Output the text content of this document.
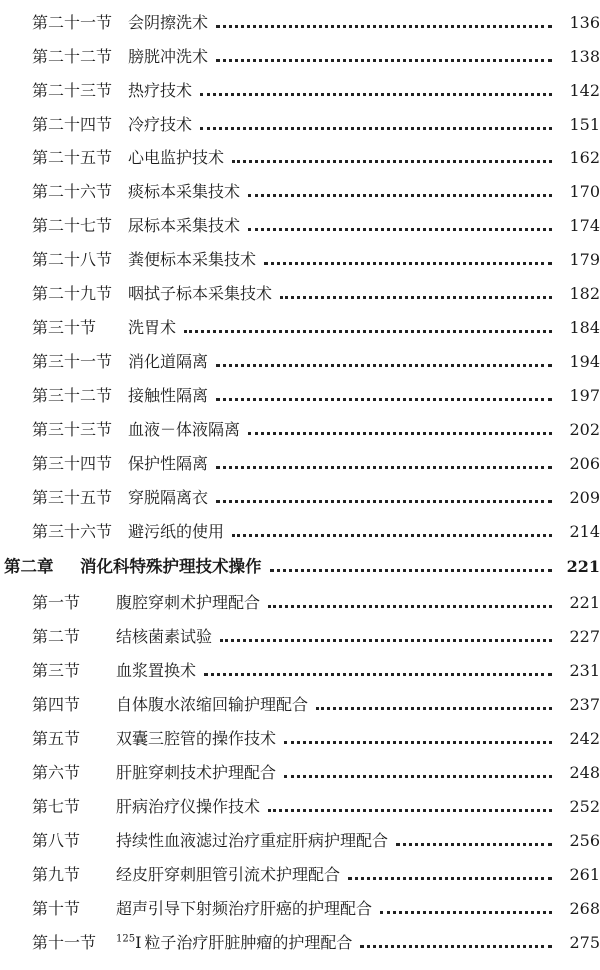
第二十一节 会阴擦洗术	136
第二十二节 膀胱冲洗术	138
第二十三节 热疗技术	142
第二十四节 冷疗技术	151
第二十五节 心电监护技术	162
第二十六节 痰标本采集技术	170
第二十七节 尿标本采集技术	174
第二十八节 粪便标本采集技术	179
第二十九节 咽拭子标本采集技术	182
第三十节	洗胃术	184
第三十一节 消化道隔离	194
第三十二节 接触性隔离	197
第三十三节 血液－体液隔离	202
第三十四节 保护性隔离	206
第三十五节 穿脱隔离衣	209
第三十六节 避污纸的使用	214
第二章	消化科特殊护理技术操作	221
第一节	腹腔穿刺术护理配合	221
第二节	结核菌素试验	227
第三节	血浆置换术	231
第四节	自体腹水浓缩回输护理配合	237
第五节	双囊三腔管的操作技术	242
第六节	肝脏穿刺技术护理配合	248
第七节	肝病治疗仪操作技术	252
第八节	持续性血液滤过治疗重症肝病护理配合	256
第九节	经皮肝穿刺胆管引流术护理配合	261
第十节	超声引导下射频治疗肝癌的护理配合	268
第十一节	$^{125}$I 粒子治疗肝脏肿瘤的护理配合	275
